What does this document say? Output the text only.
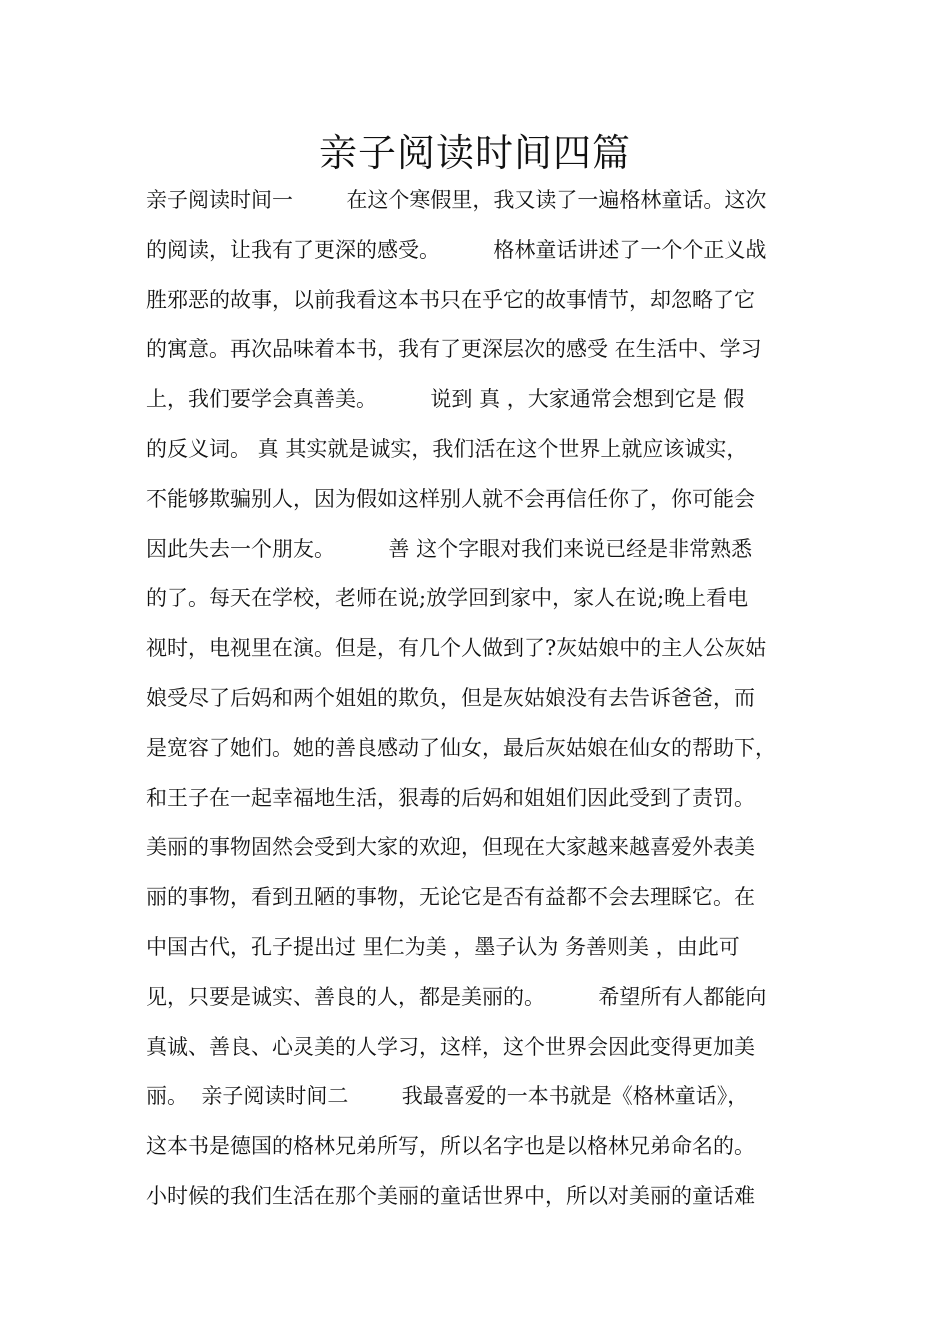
亲子阅读时间四篇
亲子阅读时间一        在这个寒假里，我又读了一遍格林童话。这次
的阅读，让我有了更深的感受。        格林童话讲述了一个个正义战
胜邪恶的故事，以前我看这本书只在乎它的故事情节，却忽略了它
的寓意。再次品味着本书，我有了更深层次的感受 在生活中、学习
上，我们要学会真善美。        说到 真 ，大家通常会想到它是 假
的反义词。 真 其实就是诚实，我们活在这个世界上就应该诚实，
不能够欺骗别人，因为假如这样别人就不会再信任你了，你可能会
因此失去一个朋友。        善 这个字眼对我们来说已经是非常熟悉
的了。每天在学校，老师在说;放学回到家中，家人在说;晚上看电
视时，电视里在演。但是，有几个人做到了?灰姑娘中的主人公灰姑
娘受尽了后妈和两个姐姐的欺负，但是灰姑娘没有去告诉爸爸，而
是宽容了她们。她的善良感动了仙女，最后灰姑娘在仙女的帮助下，
和王子在一起幸福地生活，狠毒的后妈和姐姐们因此受到了责罚。
美丽的事物固然会受到大家的欢迎，但现在大家越来越喜爱外表美
丽的事物，看到丑陋的事物，无论它是否有益都不会去理睬它。在
中国古代，孔子提出过 里仁为美 ，墨子认为 务善则美 ，由此可
见，只要是诚实、善良的人，都是美丽的。        希望所有人都能向
真诚、善良、心灵美的人学习，这样，这个世界会因此变得更加美
丽。  亲子阅读时间二        我最喜爱的一本书就是《格林童话》，
这本书是德国的格林兄弟所写，所以名字也是以格林兄弟命名的。
小时候的我们生活在那个美丽的童话世界中，所以对美丽的童话难
